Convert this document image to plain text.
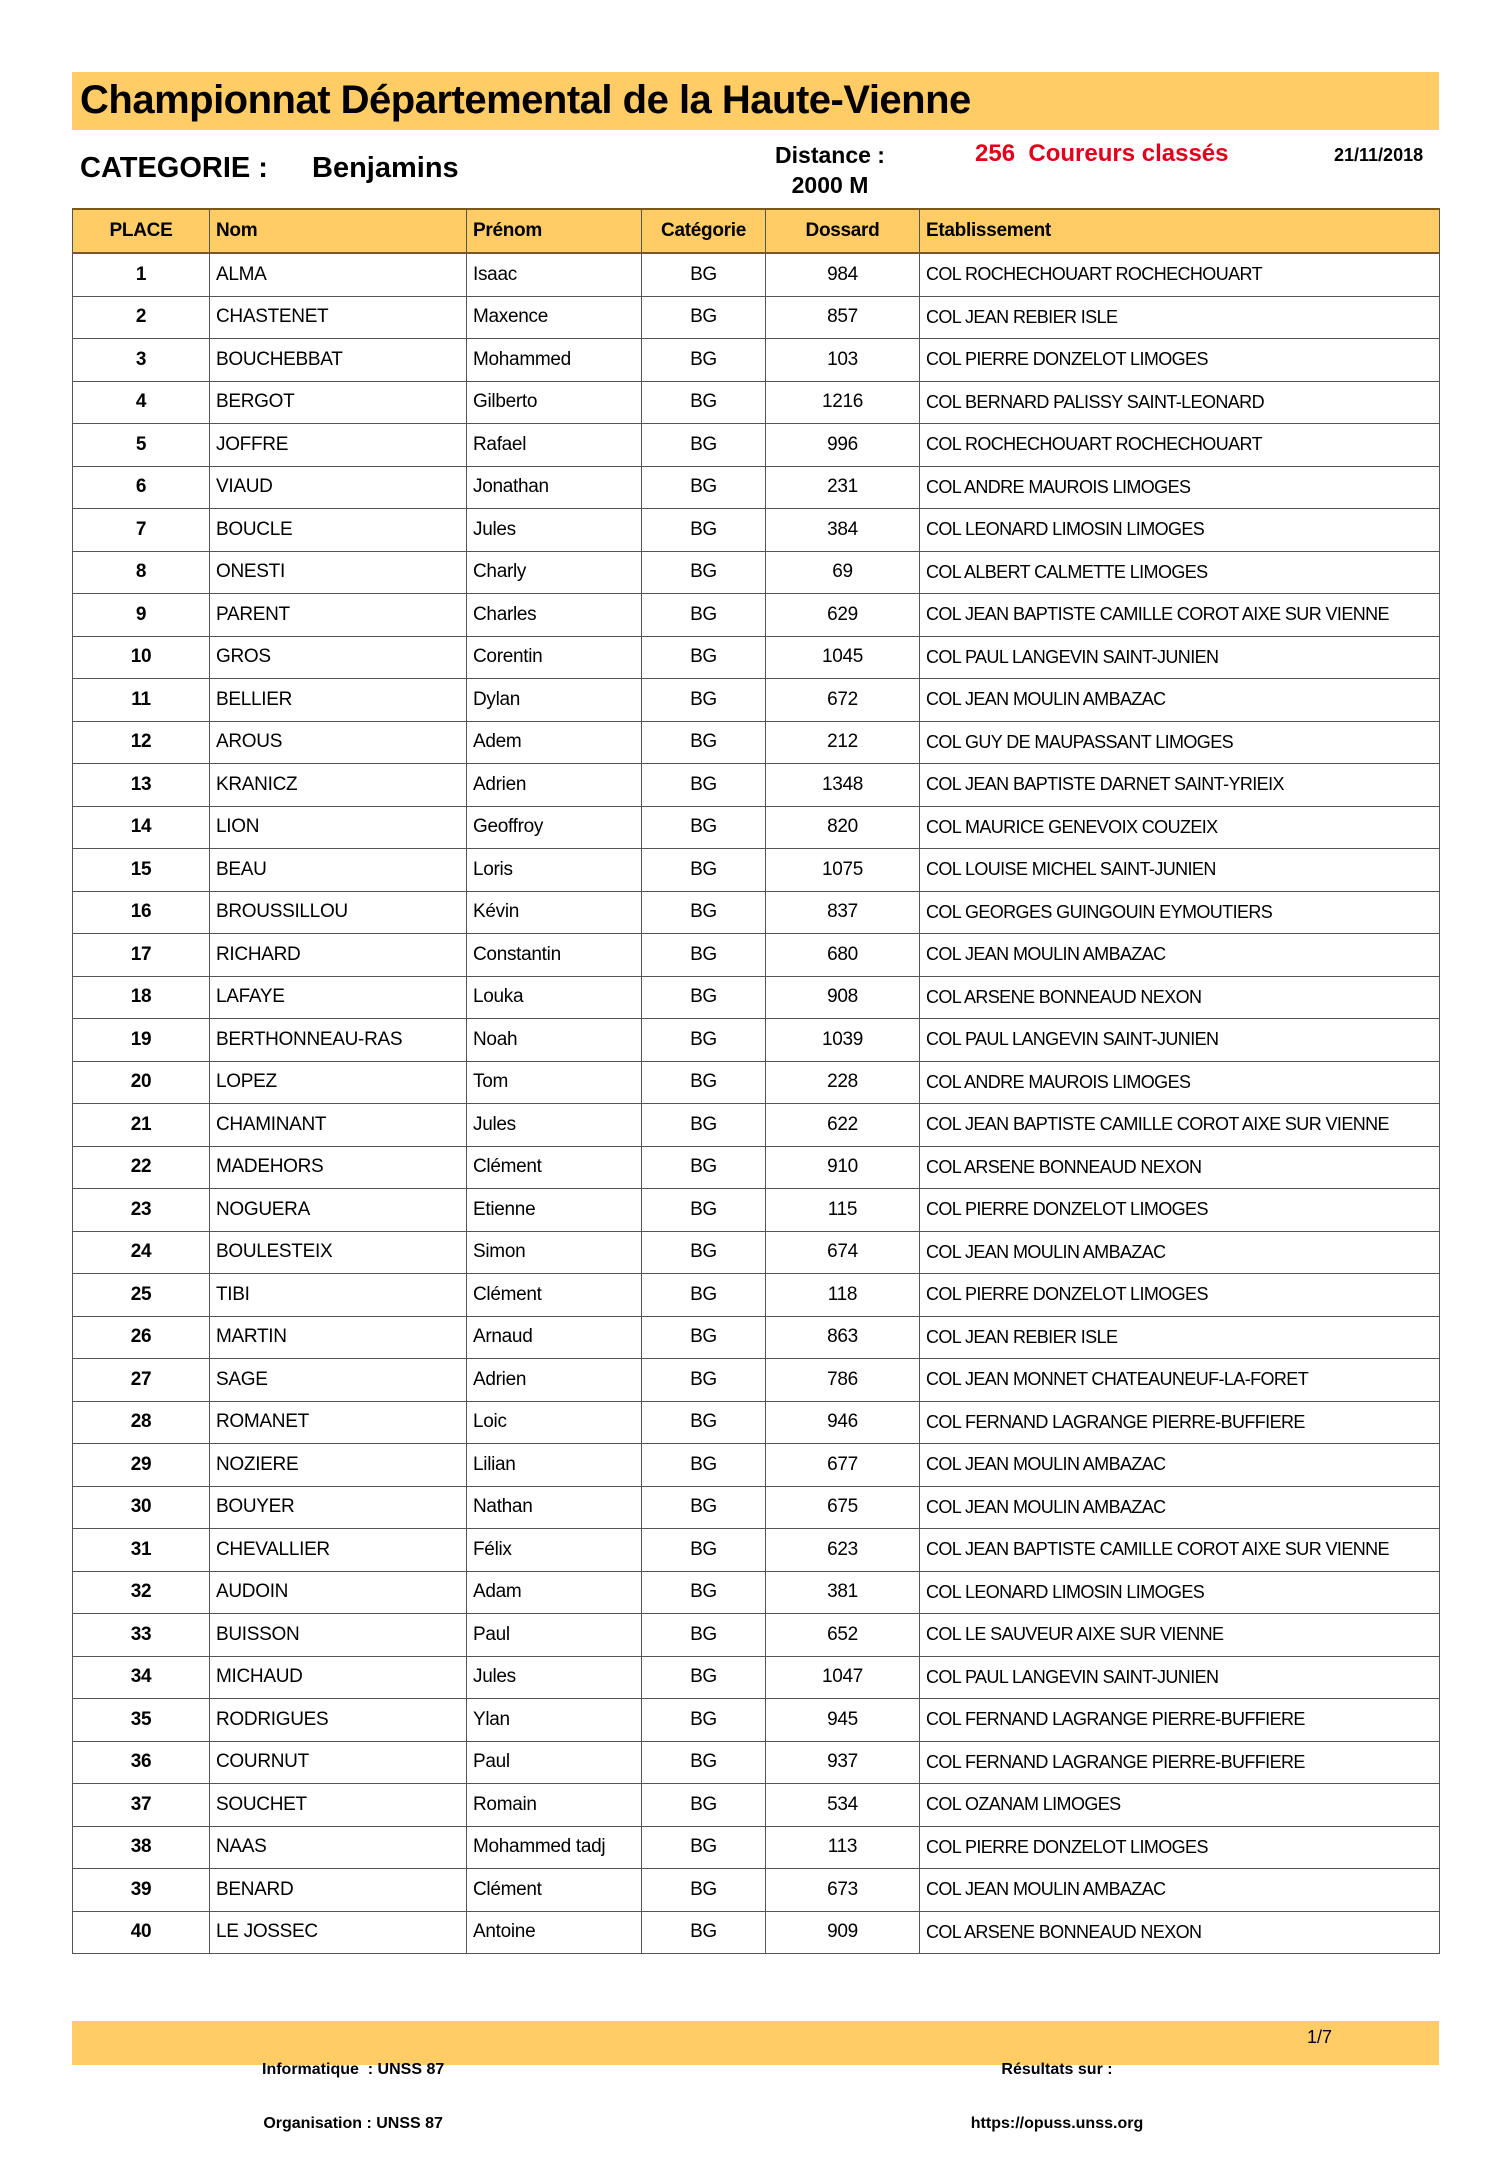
Championnat Départemental de la Haute-Vienne
CATEGORIE : Benjamins	Distance :
2000 M
256  Coureurs classés	21/11/2018
PLACE	Nom	Prénom	Catégorie	Dossard	Etablissement
1	ALMA	Isaac	BG	984	COL ROCHECHOUART ROCHECHOUART
2	CHASTENET	Maxence	BG	857	COL JEAN REBIER ISLE
3	BOUCHEBBAT	Mohammed	BG	103	COL PIERRE DONZELOT LIMOGES
4	BERGOT	Gilberto	BG	1216	COL BERNARD PALISSY SAINT-LEONARD
5	JOFFRE	Rafael	BG	996	COL ROCHECHOUART ROCHECHOUART
6	VIAUD	Jonathan	BG	231	COL ANDRE MAUROIS LIMOGES
7	BOUCLE	Jules	BG	384	COL LEONARD LIMOSIN LIMOGES
8	ONESTI	Charly	BG	69	COL ALBERT CALMETTE LIMOGES
9	PARENT	Charles	BG	629	COL JEAN BAPTISTE CAMILLE COROT AIXE SUR VIENNE
10	GROS	Corentin	BG	1045	COL PAUL LANGEVIN SAINT-JUNIEN
11	BELLIER	Dylan	BG	672	COL JEAN MOULIN AMBAZAC
12	AROUS	Adem	BG	212	COL GUY DE MAUPASSANT LIMOGES
13	KRANICZ	Adrien	BG	1348	COL JEAN BAPTISTE DARNET SAINT-YRIEIX
14	LION	Geoffroy	BG	820	COL MAURICE GENEVOIX COUZEIX
15	BEAU	Loris	BG	1075	COL LOUISE MICHEL SAINT-JUNIEN
16	BROUSSILLOU	Kévin	BG	837	COL GEORGES GUINGOUIN EYMOUTIERS
17	RICHARD	Constantin	BG	680	COL JEAN MOULIN AMBAZAC
18	LAFAYE	Louka	BG	908	COL ARSENE BONNEAUD NEXON
19	BERTHONNEAU-RAS	Noah	BG	1039	COL PAUL LANGEVIN SAINT-JUNIEN
20	LOPEZ	Tom	BG	228	COL ANDRE MAUROIS LIMOGES
21	CHAMINANT	Jules	BG	622	COL JEAN BAPTISTE CAMILLE COROT AIXE SUR VIENNE
22	MADEHORS	Clément	BG	910	COL ARSENE BONNEAUD NEXON
23	NOGUERA	Etienne	BG	115	COL PIERRE DONZELOT LIMOGES
24	BOULESTEIX	Simon	BG	674	COL JEAN MOULIN AMBAZAC
25	TIBI	Clément	BG	118	COL PIERRE DONZELOT LIMOGES
26	MARTIN	Arnaud	BG	863	COL JEAN REBIER ISLE
27	SAGE	Adrien	BG	786	COL JEAN MONNET CHATEAUNEUF-LA-FORET
28	ROMANET	Loic	BG	946	COL FERNAND LAGRANGE PIERRE-BUFFIERE
29	NOZIERE	Lilian	BG	677	COL JEAN MOULIN AMBAZAC
30	BOUYER	Nathan	BG	675	COL JEAN MOULIN AMBAZAC
31	CHEVALLIER	Félix	BG	623	COL JEAN BAPTISTE CAMILLE COROT AIXE SUR VIENNE
32	AUDOIN	Adam	BG	381	COL LEONARD LIMOSIN LIMOGES
33	BUISSON	Paul	BG	652	COL LE SAUVEUR AIXE SUR VIENNE
34	MICHAUD	Jules	BG	1047	COL PAUL LANGEVIN SAINT-JUNIEN
35	RODRIGUES	Ylan	BG	945	COL FERNAND LAGRANGE PIERRE-BUFFIERE
36	COURNUT	Paul	BG	937	COL FERNAND LAGRANGE PIERRE-BUFFIERE
37	SOUCHET	Romain	BG	534	COL OZANAM LIMOGES
38	NAAS	Mohammed tadj	BG	113	COL PIERRE DONZELOT LIMOGES
39	BENARD	Clément	BG	673	COL JEAN MOULIN AMBAZAC
40	LE JOSSEC	Antoine	BG	909	COL ARSENE BONNEAUD NEXON

Informatique  : UNSS 87

Organisation : UNSS 87

Résultats sur :

https://opuss.unss.org

1/7
